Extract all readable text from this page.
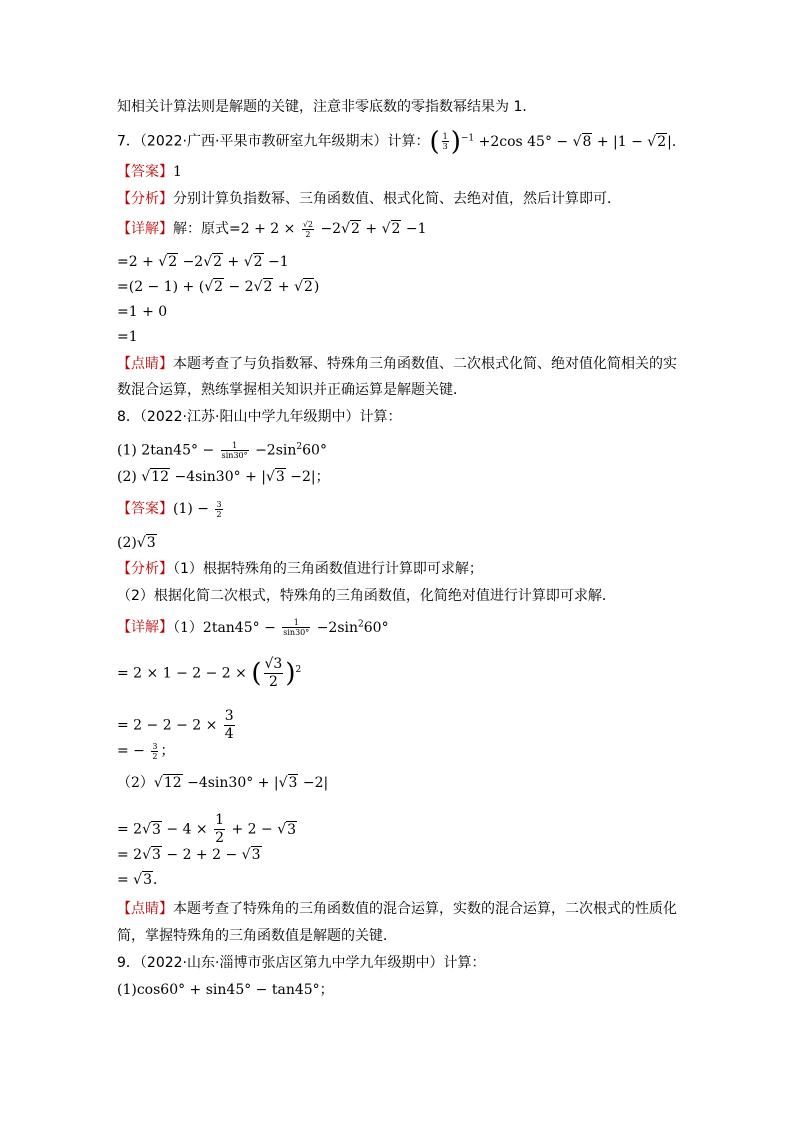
知相关计算法则是解题的关键，注意非零底数的零指数幂结果为 1．
7．（2022·广西·平果市教研室九年级期末）计算：( $\frac{1}{3} )^{-1} +2\cos$ 45° − √8 + |1 − √2|．
【答案】1
【分析】分别计算负指数幂、三角函数值、根式化简、去绝对值，然后计算即可．
【详解】解：原式$=2 + 2 \times \frac{√2}{2} -2√2 + √2 -1$
=2 + √2 −2√2 + √2 −1
=(2 − 1) + (√2 − 2√2 + √2)
=1 + 0
=1
【点睛】本题考查了与负指数幂、特殊角三角函数值、二次根式化简、绝对值化简相关的实
数混合运算，熟练掌握相关知识并正确运算是解题关键．
8．（2022·江苏·阳山中学九年级期中）计算：
(1) $2\tan 45^\circ - \frac{1}{\sin 30^\circ} -2\sin^260^\circ$
(2) √12 −4sin30° + |√3 −2|；
【答案】$(1) - \frac{3}{2}$
(2)√3
【分析】（1）根据特殊角的三角函数值进行计算即可求解；
（2）根据化简二次根式，特殊角的三角函数值，化简绝对值进行计算即可求解．
【详解】$(1)2\tan 45^\circ - \frac{1}{\sin 30^\circ} -2\sin^260^\circ$
= 2 × 1 − 2 − 2 × ( $\frac{√3}{2} )^2$
= $2 - 2 - 2 \times \frac{3}{4}$
= − $\frac{3}{2}$ ；
（2）√12 −4sin30° + |√3 −2|
= $2√3 - 4 \times \frac{1}{2} + 2 - √3$
= 2√3 − 2 + 2 − √3
= √3．
【点睛】本题考查了特殊角的三角函数值的混合运算，实数的混合运算，二次根式的性质化
简，掌握特殊角的三角函数值是解题的关键．
9．（2022·山东·淄博市张店区第九中学九年级期中）计算：
(1)cos60° + sin45° − tan45°；
